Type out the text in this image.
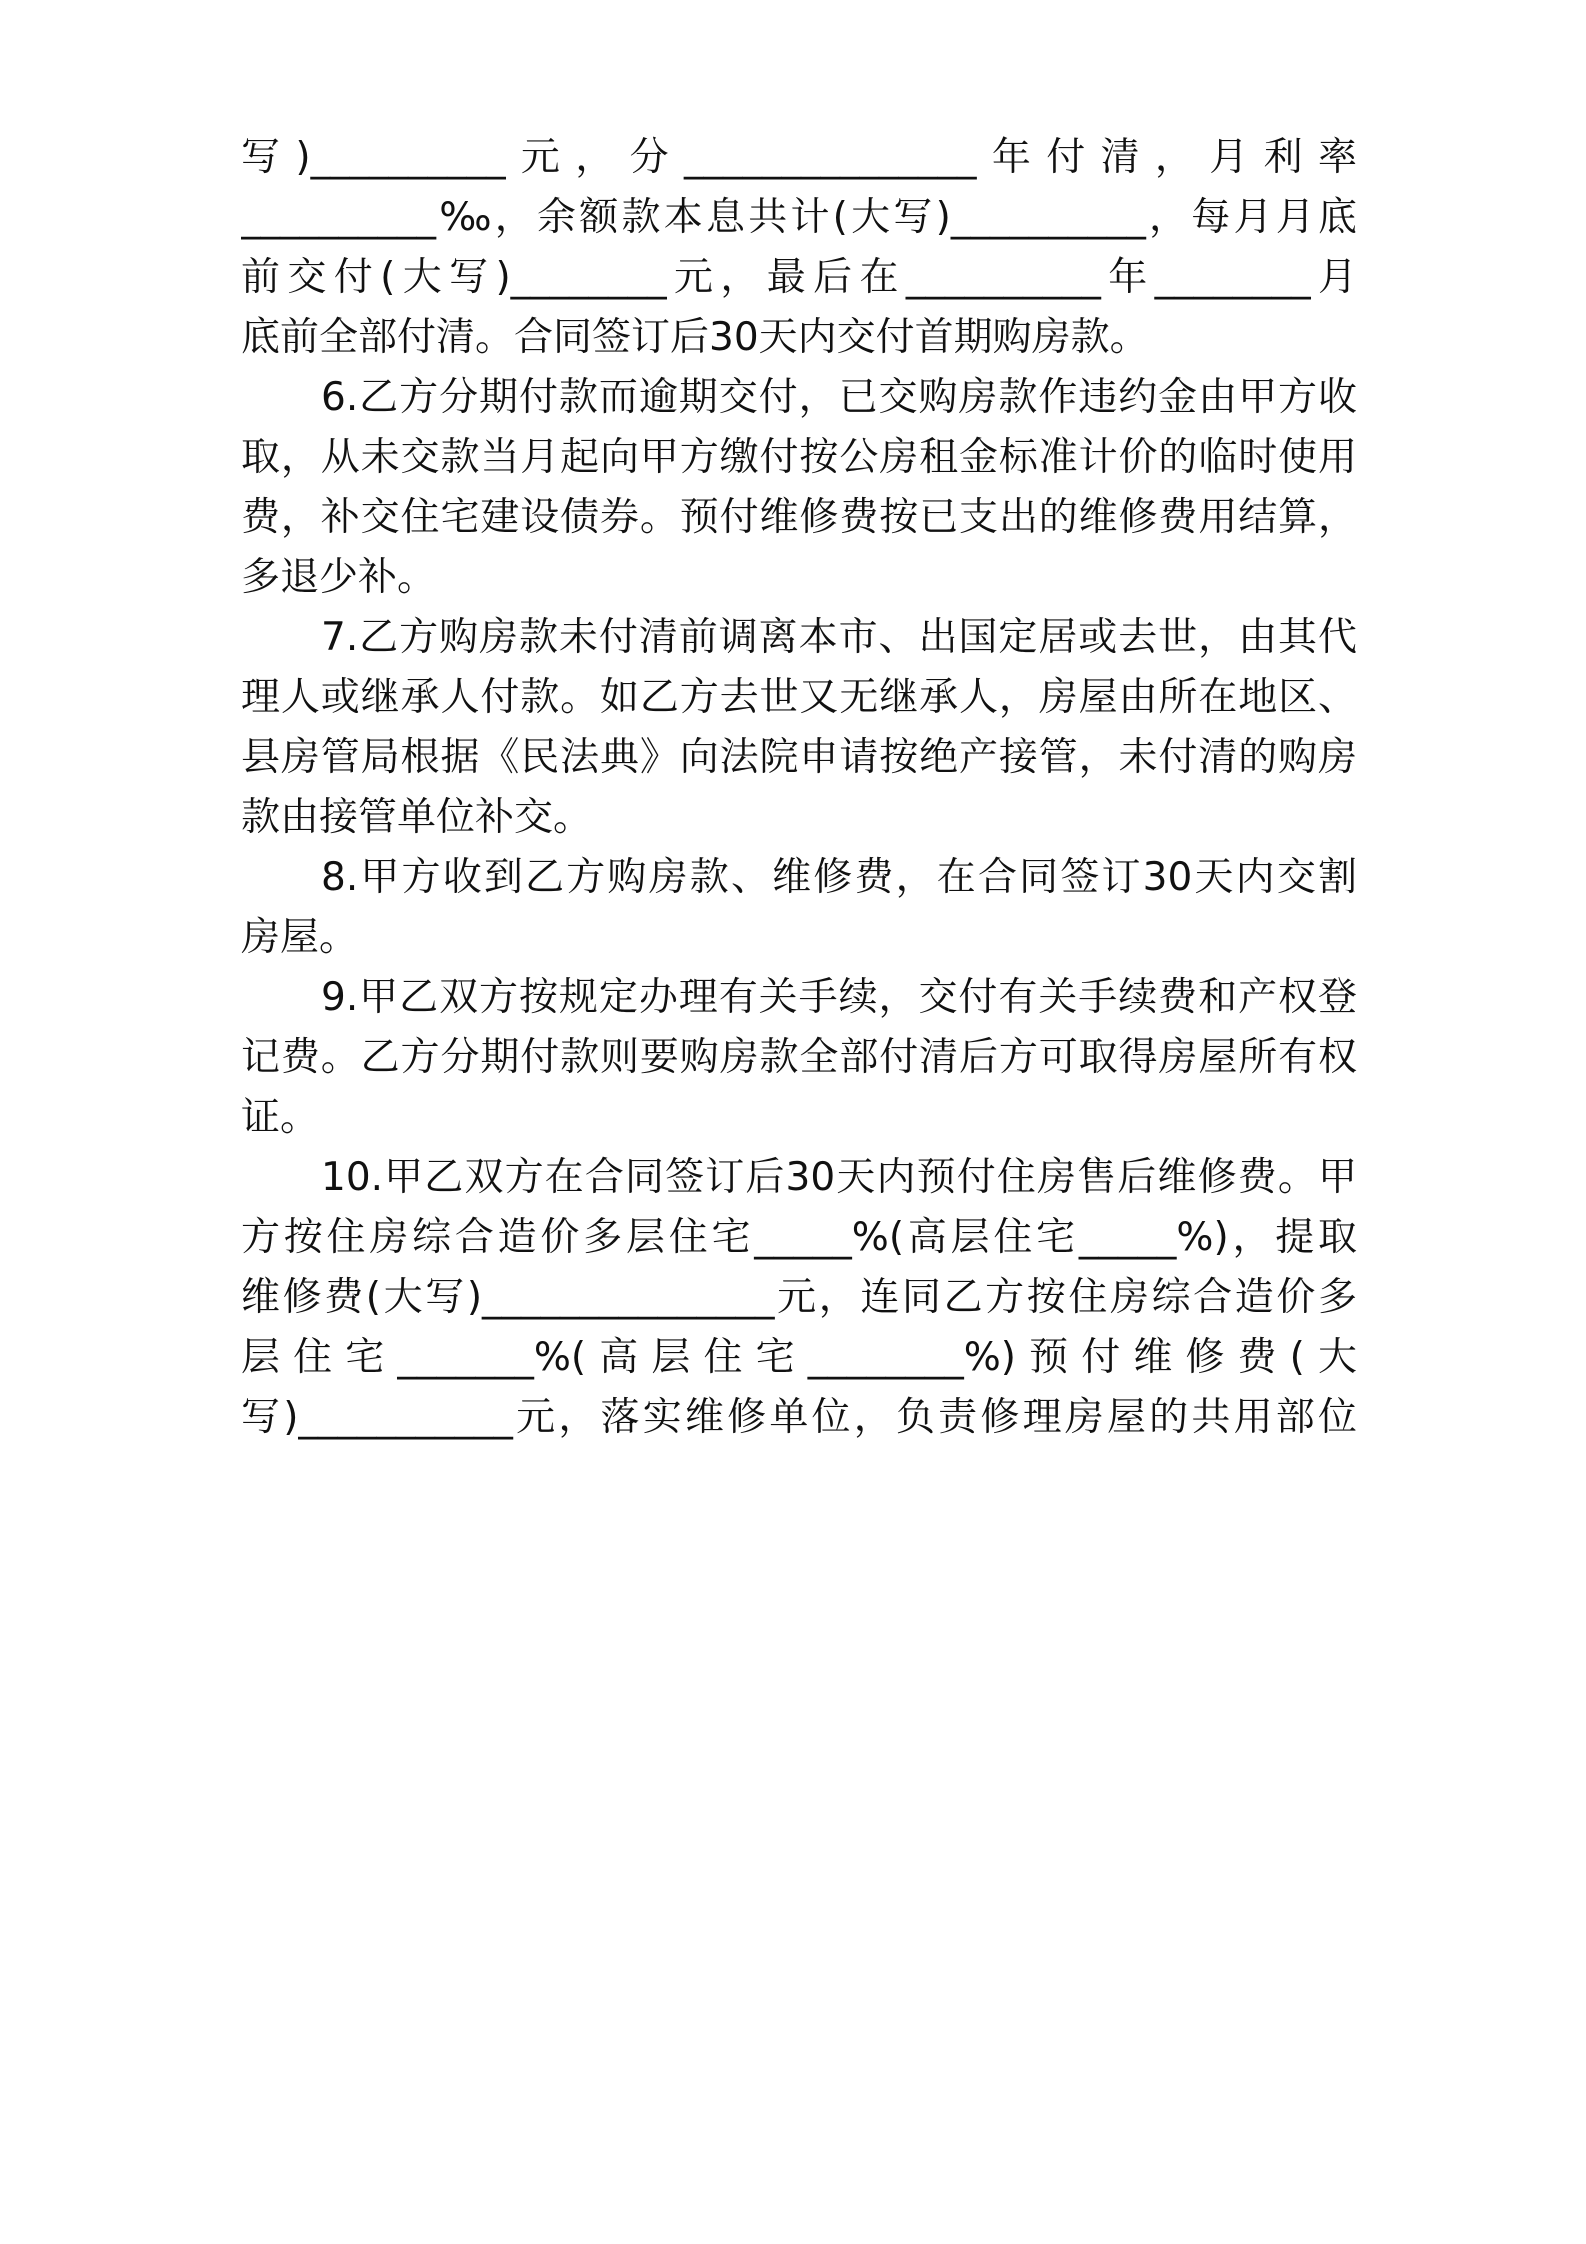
写)__________元，分_______________年付清，月利率
__________‰，余额款本息共计(大写)__________，每月月底
前交付(大写)________元，最后在__________年________月
底前全部付清。合同签订后30天内交付首期购房款。
6.乙方分期付款而逾期交付，已交购房款作违约金由甲方收
取，从未交款当月起向甲方缴付按公房租金标准计价的临时使用
费，补交住宅建设债券。预付维修费按已支出的维修费用结算，
多退少补。
7.乙方购房款未付清前调离本市、出国定居或去世，由其代
理人或继承人付款。如乙方去世又无继承人，房屋由所在地区、
县房管局根据《民法典》向法院申请按绝产接管，未付清的购房
款由接管单位补交。
8.甲方收到乙方购房款、维修费，在合同签订30天内交割
房屋。
9.甲乙双方按规定办理有关手续，交付有关手续费和产权登
记费。乙方分期付款则要购房款全部付清后方可取得房屋所有权
证。
10.甲乙双方在合同签订后30天内预付住房售后维修费。甲
方按住房综合造价多层住宅_____%(高层住宅_____%)，提取
维修费(大写)_______________元，连同乙方按住房综合造价多
层住宅_______%(高层住宅________%)预付维修费(大
写)___________元，落实维修单位，负责修理房屋的共用部位
